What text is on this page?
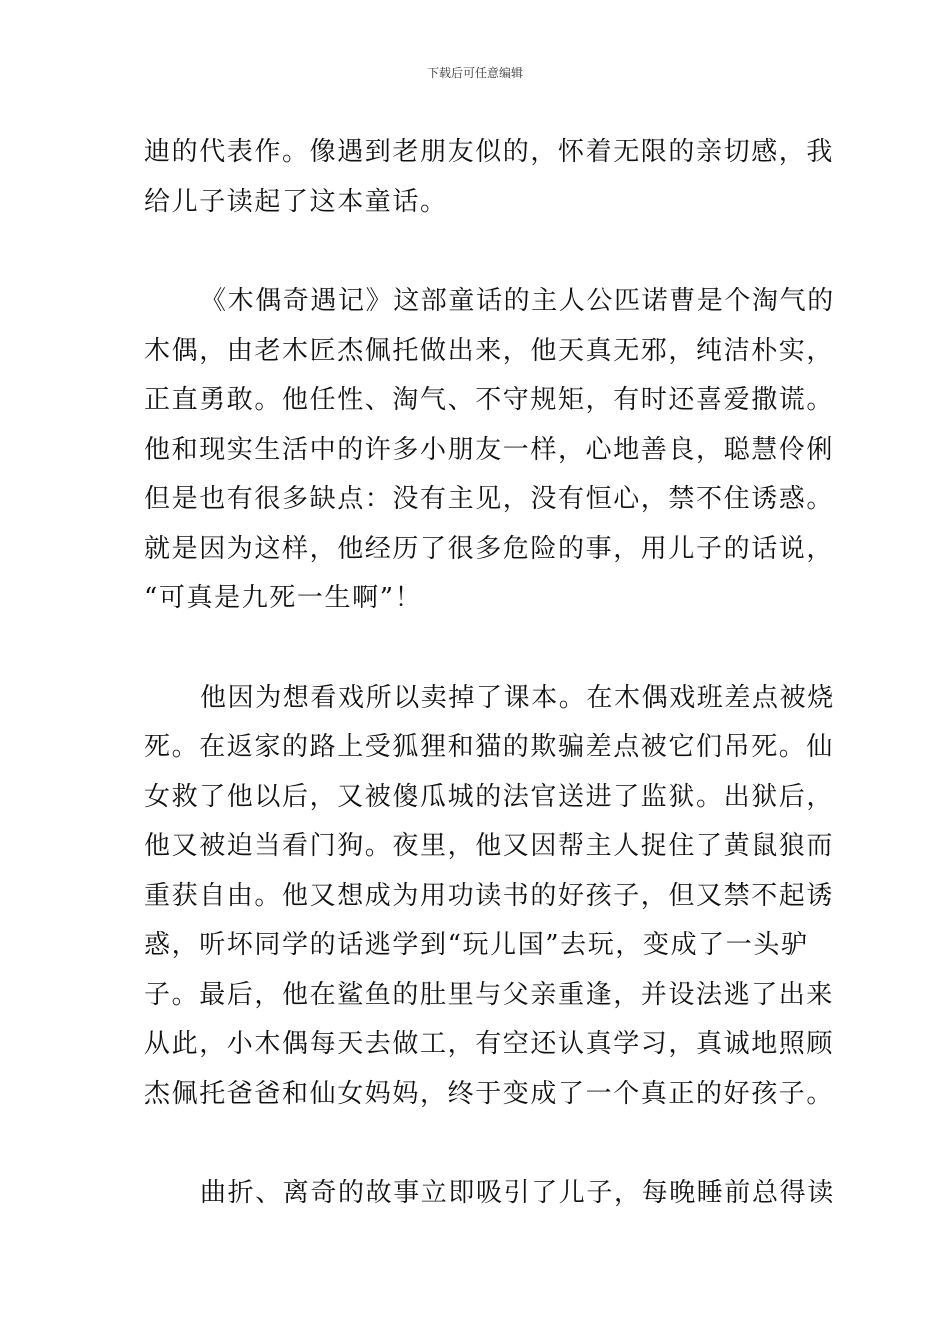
下载后可任意编辑
迪的代表作。像遇到老朋友似的，怀着无限的亲切感，我
给儿子读起了这本童话。
《木偶奇遇记》这部童话的主人公匹诺曹是个淘气的
木偶，由老木匠杰佩托做出来，他天真无邪，纯洁朴实，
正直勇敢。他任性、淘气、不守规矩，有时还喜爱撒谎。
他和现实生活中的许多小朋友一样，心地善良，聪慧伶俐
但是也有很多缺点：没有主见，没有恒心，禁不住诱惑。
就是因为这样，他经历了很多危险的事，用儿子的话说，
“可真是九死一生啊”！
他因为想看戏所以卖掉了课本。在木偶戏班差点被烧
死。在返家的路上受狐狸和猫的欺骗差点被它们吊死。仙
女救了他以后，又被傻瓜城的法官送进了监狱。出狱后，
他又被迫当看门狗。夜里，他又因帮主人捉住了黄鼠狼而
重获自由。他又想成为用功读书的好孩子，但又禁不起诱
惑，听坏同学的话逃学到“玩儿国”去玩，变成了一头驴
子。最后，他在鲨鱼的肚里与父亲重逢，并设法逃了出来
从此，小木偶每天去做工，有空还认真学习，真诚地照顾
杰佩托爸爸和仙女妈妈，终于变成了一个真正的好孩子。
曲折、离奇的故事立即吸引了儿子，每晚睡前总得读
